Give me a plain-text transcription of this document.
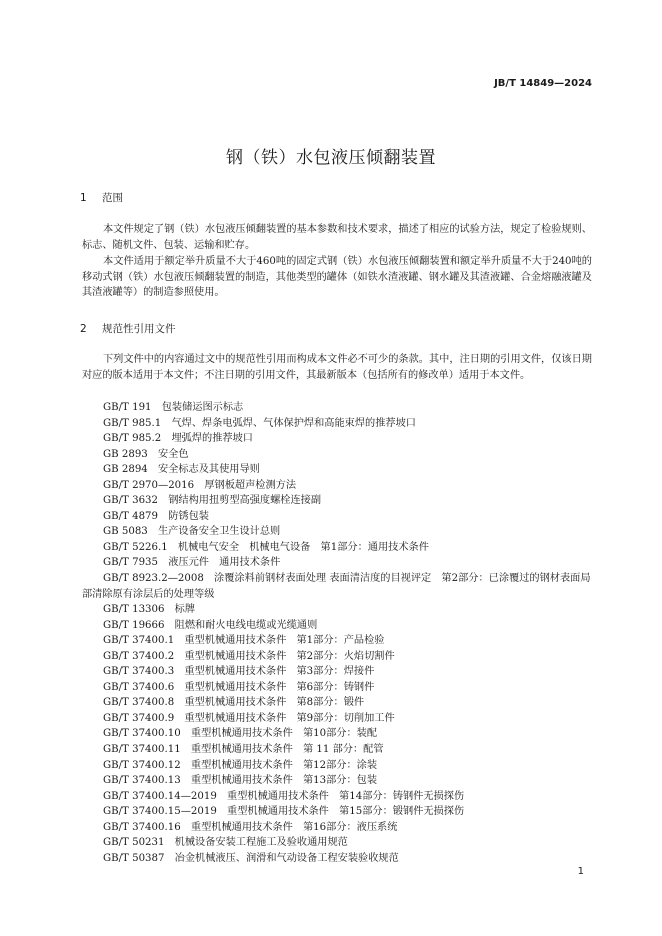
JB/T 14849—2024
钢（铁）水包液压倾翻装置
1 范围

本文件规定了钢（铁）水包液压倾翻装置的基本参数和技术要求，描述了相应的试验方法，规定了检验规则、标志、随机文件、包装、运输和贮存。

本文件适用于额定举升质量不大于460吨的固定式钢（铁）水包液压倾翻装置和额定举升质量不大于240吨的移动式钢（铁）水包液压倾翻装置的制造，其他类型的罐体（如铁水渣液罐、钢水罐及其渣液罐、合金熔融液罐及其渣液罐等）的制造参照使用。

2 规范性引用文件

下列文件中的内容通过文中的规范性引用而构成本文件必不可少的条款。其中，注日期的引用文件，仅该日期对应的版本适用于本文件；不注日期的引用文件，其最新版本（包括所有的修改单）适用于本文件。

GB/T 191　包装储运图示标志
GB/T 985.1　气焊、焊条电弧焊、气体保护焊和高能束焊的推荐坡口
GB/T 985.2　埋弧焊的推荐坡口
GB 2893　安全色
GB 2894　安全标志及其使用导则
GB/T 2970—2016　厚钢板超声检测方法
GB/T 3632　钢结构用扭剪型高强度螺栓连接副
GB/T 4879　防锈包装
GB 5083　生产设备安全卫生设计总则
GB/T 5226.1　机械电气安全　机械电气设备　第1部分：通用技术条件
GB/T 7935　液压元件　通用技术条件
GB/T 8923.2—2008　涂覆涂料前钢材表面处理 表面清洁度的目视评定　第2部分：已涂覆过的钢材表面局部清除原有涂层后的处理等级
GB/T 13306　标牌
GB/T 19666　阻燃和耐火电线电缆或光缆通则
GB/T 37400.1　重型机械通用技术条件　第1部分：产品检验
GB/T 37400.2　重型机械通用技术条件　第2部分：火焰切割件
GB/T 37400.3　重型机械通用技术条件　第3部分：焊接件
GB/T 37400.6　重型机械通用技术条件　第6部分：铸钢件
GB/T 37400.8　重型机械通用技术条件　第8部分：锻件
GB/T 37400.9　重型机械通用技术条件　第9部分：切削加工件
GB/T 37400.10　重型机械通用技术条件　第10部分：装配
GB/T 37400.11　重型机械通用技术条件　第 11 部分：配管
GB/T 37400.12　重型机械通用技术条件　第12部分：涂装
GB/T 37400.13　重型机械通用技术条件　第13部分：包装
GB/T 37400.14—2019　重型机械通用技术条件　第14部分：铸钢件无损探伤
GB/T 37400.15—2019　重型机械通用技术条件　第15部分：锻钢件无损探伤
GB/T 37400.16　重型机械通用技术条件　第16部分：液压系统
GB/T 50231　机械设备安装工程施工及验收通用规范
GB/T 50387　冶金机械液压、润滑和气动设备工程安装验收规范
1
